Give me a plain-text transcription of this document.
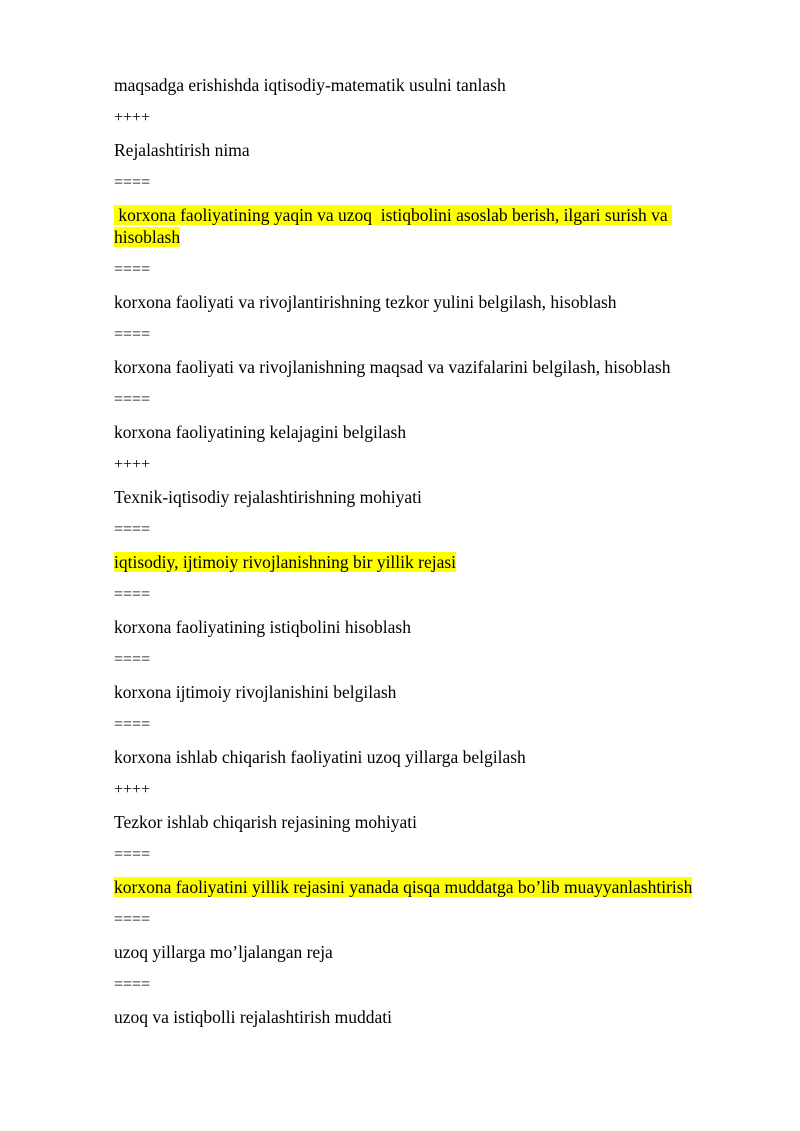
maqsadga erishishda iqtisodiy-matematik usulni tanlash

++++

Rejalashtirish nima

====

korxona faoliyatining yaqin va uzoq  istiqbolini asoslab berish, ilgari surish va
hisoblash

====

korxona faoliyati va rivojlantirishning tezkor yulini belgilash, hisoblash

====

korxona faoliyati va rivojlanishning maqsad va vazifalarini belgilash, hisoblash

====

korxona faoliyatining kelajagini belgilash

++++

Texnik-iqtisodiy rejalashtirishning mohiyati

====

iqtisodiy, ijtimoiy rivojlanishning bir yillik rejasi

====

korxona faoliyatining istiqbolini hisoblash

====

korxona ijtimoiy rivojlanishini belgilash

====

korxona ishlab chiqarish faoliyatini uzoq yillarga belgilash

++++

Tezkor ishlab chiqarish rejasining mohiyati

====

korxona faoliyatini yillik rejasini yanada qisqa muddatga bo’lib muayyanlashtirish

====

uzoq yillarga mo’ljalangan reja

====

uzoq va istiqbolli rejalashtirish muddati
